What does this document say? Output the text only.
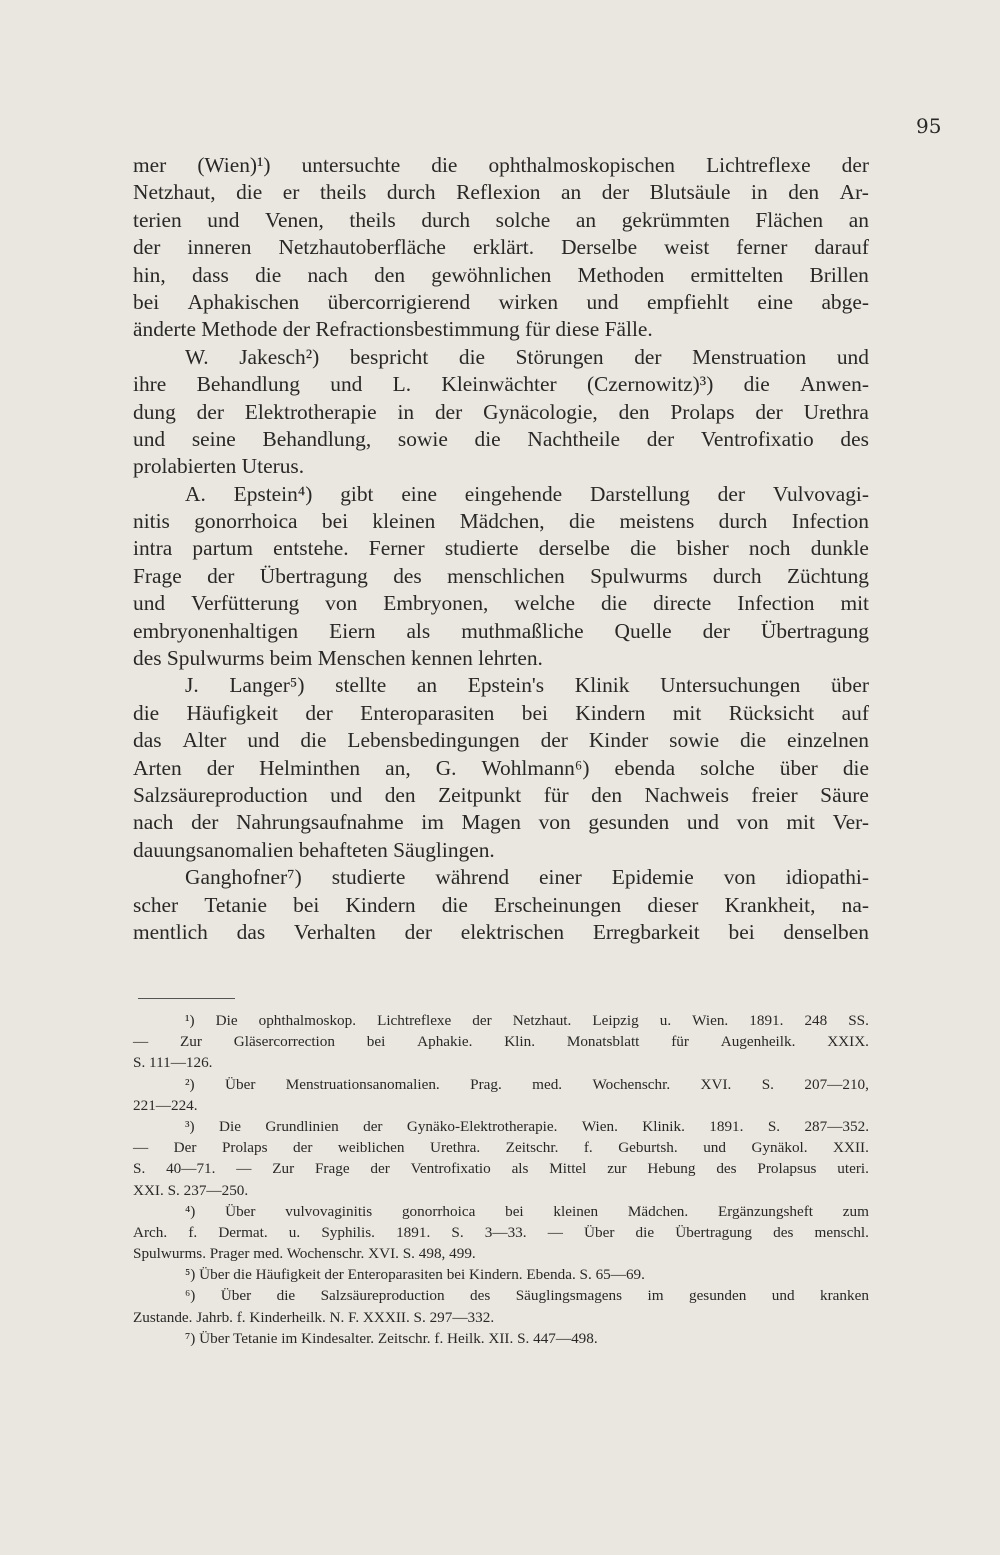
95
mer (Wien)¹) untersuchte die ophthalmoskopischen Lichtreflexe der
Netzhaut, die er theils durch Reflexion an der Blutsäule in den Ar-
terien und Venen, theils durch solche an gekrümmten Flächen an
der inneren Netzhautoberfläche erklärt. Derselbe weist ferner darauf
hin, dass die nach den gewöhnlichen Methoden ermittelten Brillen
bei Aphakischen übercorrigierend wirken und empfiehlt eine abge-
änderte Methode der Refractionsbestimmung für diese Fälle.
W. Jakesch²) bespricht die Störungen der Menstruation und
ihre Behandlung und L. Kleinwächter (Czernowitz)³) die Anwen-
dung der Elektrotherapie in der Gynäcologie, den Prolaps der Urethra
und seine Behandlung, sowie die Nachtheile der Ventrofixatio des
prolabierten Uterus.
A. Epstein⁴) gibt eine eingehende Darstellung der Vulvovagi-
nitis gonorrhoica bei kleinen Mädchen, die meistens durch Infection
intra partum entstehe. Ferner studierte derselbe die bisher noch dunkle
Frage der Übertragung des menschlichen Spulwurms durch Züchtung
und Verfütterung von Embryonen, welche die directe Infection mit
embryonenhaltigen Eiern als muthmaßliche Quelle der Übertragung
des Spulwurms beim Menschen kennen lehrten.
J. Langer⁵) stellte an Epstein's Klinik Untersuchungen über
die Häufigkeit der Enteroparasiten bei Kindern mit Rücksicht auf
das Alter und die Lebensbedingungen der Kinder sowie die einzelnen
Arten der Helminthen an, G. Wohlmann⁶) ebenda solche über die
Salzsäureproduction und den Zeitpunkt für den Nachweis freier Säure
nach der Nahrungsaufnahme im Magen von gesunden und von mit Ver-
dauungsanomalien behafteten Säuglingen.
Ganghofner⁷) studierte während einer Epidemie von idiopathi-
scher Tetanie bei Kindern die Erscheinungen dieser Krankheit, na-
mentlich das Verhalten der elektrischen Erregbarkeit bei denselben
¹) Die ophthalmoskop. Lichtreflexe der Netzhaut. Leipzig u. Wien. 1891. 248 SS.
— Zur Gläsercorrection bei Aphakie. Klin. Monatsblatt für Augenheilk. XXIX.
S. 111—126.
²) Über Menstruationsanomalien. Prag. med. Wochenschr. XVI. S. 207—210,
221—224.
³) Die Grundlinien der Gynäko-Elektrotherapie. Wien. Klinik. 1891. S. 287—352.
— Der Prolaps der weiblichen Urethra. Zeitschr. f. Geburtsh. und Gynäkol. XXII.
S. 40—71. — Zur Frage der Ventrofixatio als Mittel zur Hebung des Prolapsus uteri.
XXI. S. 237—250.
⁴) Über vulvovaginitis gonorrhoica bei kleinen Mädchen. Ergänzungsheft zum
Arch. f. Dermat. u. Syphilis. 1891. S. 3—33. — Über die Übertragung des menschl.
Spulwurms. Prager med. Wochenschr. XVI. S. 498, 499.
⁵) Über die Häufigkeit der Enteroparasiten bei Kindern. Ebenda. S. 65—69.
⁶) Über die Salzsäureproduction des Säuglingsmagens im gesunden und kranken
Zustande. Jahrb. f. Kinderheilk. N. F. XXXII. S. 297—332.
⁷) Über Tetanie im Kindesalter. Zeitschr. f. Heilk. XII. S. 447—498.
